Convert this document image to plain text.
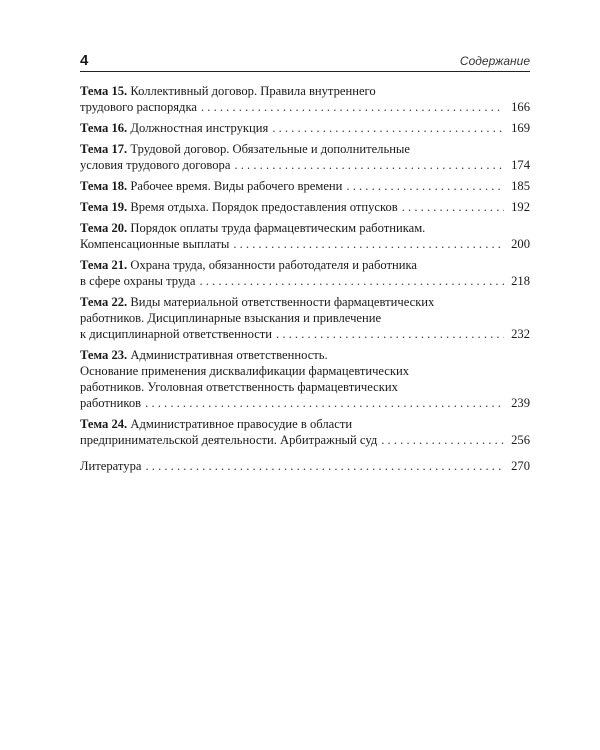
4	Содержание
Тема 15. Коллективный договор. Правила внутреннего
трудового распорядка . . .	166
Тема 16. Должностная инструкция . . .	169
Тема 17. Трудовой договор. Обязательные и дополнительные
условия трудового договора . . .	174
Тема 18. Рабочее время. Виды рабочего времени . . .	185
Тема 19. Время отдыха. Порядок предоставления отпусков . . .	192
Тема 20. Порядок оплаты труда фармацевтическим работникам.
Компенсационные выплаты . . .	200
Тема 21. Охрана труда, обязанности работодателя и работника
в сфере охраны труда . . .	218
Тема 22. Виды материальной ответственности фармацевтических
работников. Дисциплинарные взыскания и привлечение
к дисциплинарной ответственности . . .	232
Тема 23. Административная ответственность.
Основание применения дисквалификации фармацевтических
работников. Уголовная ответственность фармацевтических
работников . . .	239
Тема 24. Административное правосудие в области
предпринимательской деятельности. Арбитражный суд . . .	256
Литература . . .	270
